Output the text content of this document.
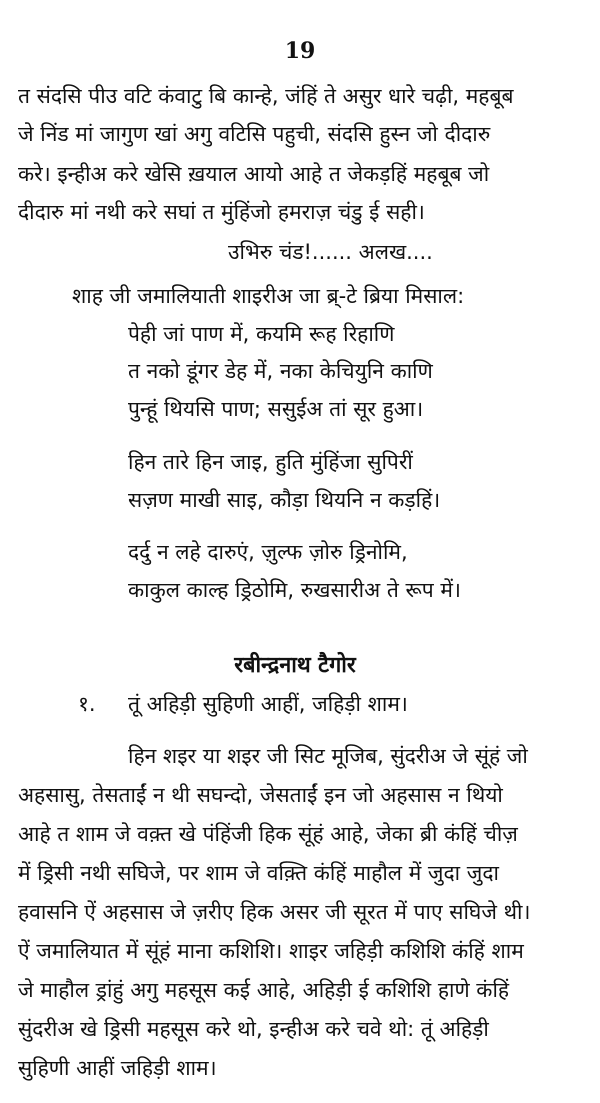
19
त संदसि पीउ वटि कंवाटु बि कान्हे, जंहिं ते असुर धारे चढ़ी, महबूब
जे निंड मां जागुण खां अगु वटिसि पहुची, संदसि हुस्न जो दीदारु
करे। इन्हीअ करे खेसि ख़याल आयो आहे त जेकड़हिं महबूब जो
दीदारु मां नथी करे सघां त मुंहिंजो हमराज़ चंडु ई सही।
उभिरु चंड!...... अलख....
शाह जी जमालियाती शाइरीअ जा ब्र्-टे ब्रिया मिसाल:
पेही जां पाण में, कयमि रूह रिहाणि
त नको डूंगर डेह में, नका केचियुनि काणि
पुन्हूं थियसि पाण; ससुईअ तां सूर हुआ।
हिन तारे हिन जाइ, हुति मुंहिंजा सुपिरीं
सज़ण माखी साइ, कौड़ा थियनि न कड़हिं।
दर्दु न लहे दारुएं, ज़ुल्फ ज़ोरु ड्रिनोमि,
काकुल काल्ह ड्रिठोमि, रुखसारीअ ते रूप में।
रबीन्द्रनाथ टैगोर
१. तूं अहिड़ी सुहिणी आहीं, जहिड़ी शाम।
हिन शइर या शइर जी सिट मूजिब, सुंदरीअ जे सूंहं जो
अहसासु, तेसताईं न थी सघन्दो, जेसताईं इन जो अहसास न थियो
आहे त शाम जे वक़्त खे पंहिंजी हिक सूंहं आहे, जेका ब्री कंहिं चीज़
में ड्रिसी नथी सघिजे, पर शाम जे वक़्ति कंहिं माहौल में जुदा जुदा
हवासनि ऐं अहसास जे ज़रीए हिक असर जी सूरत में पाए सघिजे थी।
ऐं जमालियात में सूंहं माना कशिशि। शाइर जहिड़ी कशिशि कंहिं शाम
जे माहौल ड्रांहुं अगु महसूस कई आहे, अहिड़ी ई कशिशि हाणे कंहिं
सुंदरीअ खे ड्रिसी महसूस करे थो, इन्हीअ करे चवे थो: तूं अहिड़ी
सुहिणी आहीं जहिड़ी शाम।
